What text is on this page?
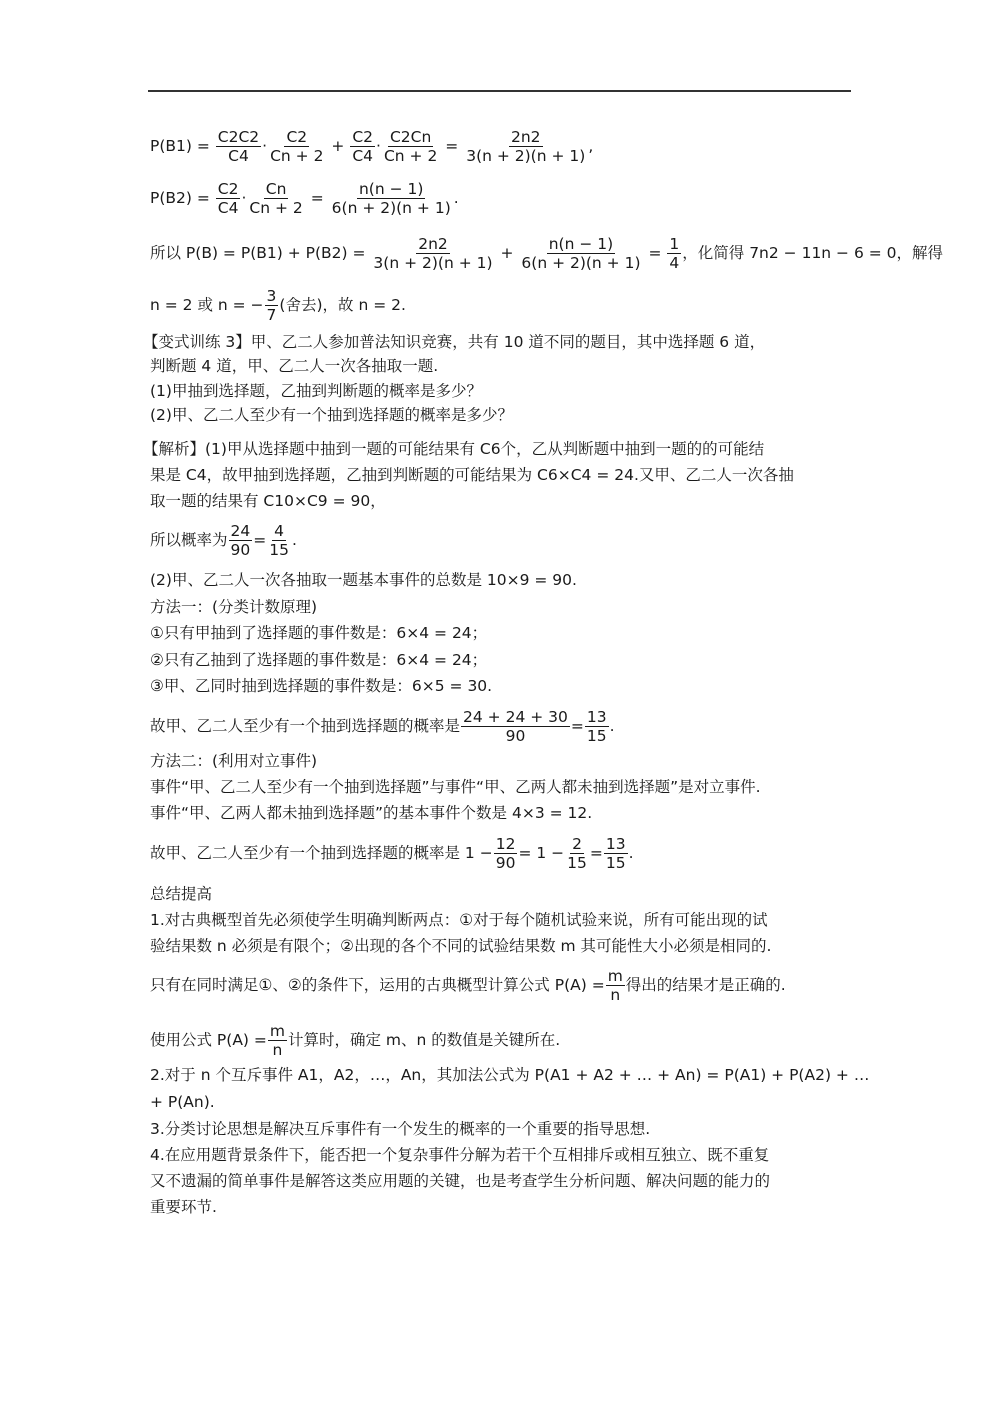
$P(B1) = \frac{C2C2}{C4} \cdot \frac{C2}{Cn + 2} + \frac{C2}{C4} \cdot \frac{C2Cn}{Cn + 2} = \frac{2n2}{3(n + 2)(n + 1)}$ ,
$P(B2) = \frac{C2}{C4} \cdot \frac{Cn}{Cn + 2} = \frac{n(n - 1)}{6(n + 2)(n + 1)}$ .
所以 $P(B) = P(B1) + P(B2) = \frac{2n2}{3(n + 2)(n + 1)} + \frac{n(n - 1)}{6(n + 2)(n + 1)} = \frac{1}{4}$ ，化简得 7n2 − 11n − 6 = 0，解得
n = 2 或 n = − $\frac{3}{7}$ (舍去)，故 n = 2.
【变式训练 3】甲、乙二人参加普法知识竞赛，共有 10 道不同的题目，其中选择题 6 道，
判断题 4 道，甲、乙二人一次各抽取一题.
(1)甲抽到选择题，乙抽到判断题的概率是多少？
(2)甲、乙二人至少有一个抽到选择题的概率是多少？
【解析】(1)甲从选择题中抽到一题的可能结果有 C6个，乙从判断题中抽到一题的的可能结
果是 C4，故甲抽到选择题，乙抽到判断题的可能结果为 C6×C4 = 24.又甲、乙二人一次各抽
取一题的结果有 C10×C9 = 90，
所以概率为 $\frac{24}{90} = \frac{4}{15}$ .
(2)甲、乙二人一次各抽取一题基本事件的总数是 10×9 = 90.
方法一：(分类计数原理)
①只有甲抽到了选择题的事件数是：6×4 = 24；
②只有乙抽到了选择题的事件数是：6×4 = 24；
③甲、乙同时抽到选择题的事件数是：6×5 = 30.
故甲、乙二人至少有一个抽到选择题的概率是 $\frac{24 + 24 + 30}{90} = \frac{13}{15}$ .
方法二：(利用对立事件)
事件“甲、乙二人至少有一个抽到选择题”与事件“甲、乙两人都未抽到选择题”是对立事件.
事件“甲、乙两人都未抽到选择题”的基本事件个数是 4×3 = 12.
故甲、乙二人至少有一个抽到选择题的概率是 $1 - \frac{12}{90} = 1 - \frac{2}{15} = \frac{13}{15}$ .
总结提高
1.对古典概型首先必须使学生明确判断两点：①对于每个随机试验来说，所有可能出现的试
验结果数 n 必须是有限个；②出现的各个不同的试验结果数 m 其可能性大小必须是相同的.
只有在同时满足①、②的条件下，运用的古典概型计算公式 $P(A) = \frac{m}{n}$ 得出的结果才是正确的.
使用公式 $P(A) = \frac{m}{n}$ 计算时，确定 m、n 的数值是关键所在.
2.对于 n 个互斥事件 A1，A2，…，An，其加法公式为 P(A1 + A2 + … + An) = P(A1) + P(A2) + …
+ P(An).
3.分类讨论思想是解决互斥事件有一个发生的概率的一个重要的指导思想.
4.在应用题背景条件下，能否把一个复杂事件分解为若干个互相排斥或相互独立、既不重复
又不遗漏的简单事件是解答这类应用题的关键，也是考查学生分析问题、解决问题的能力的
重要环节.
